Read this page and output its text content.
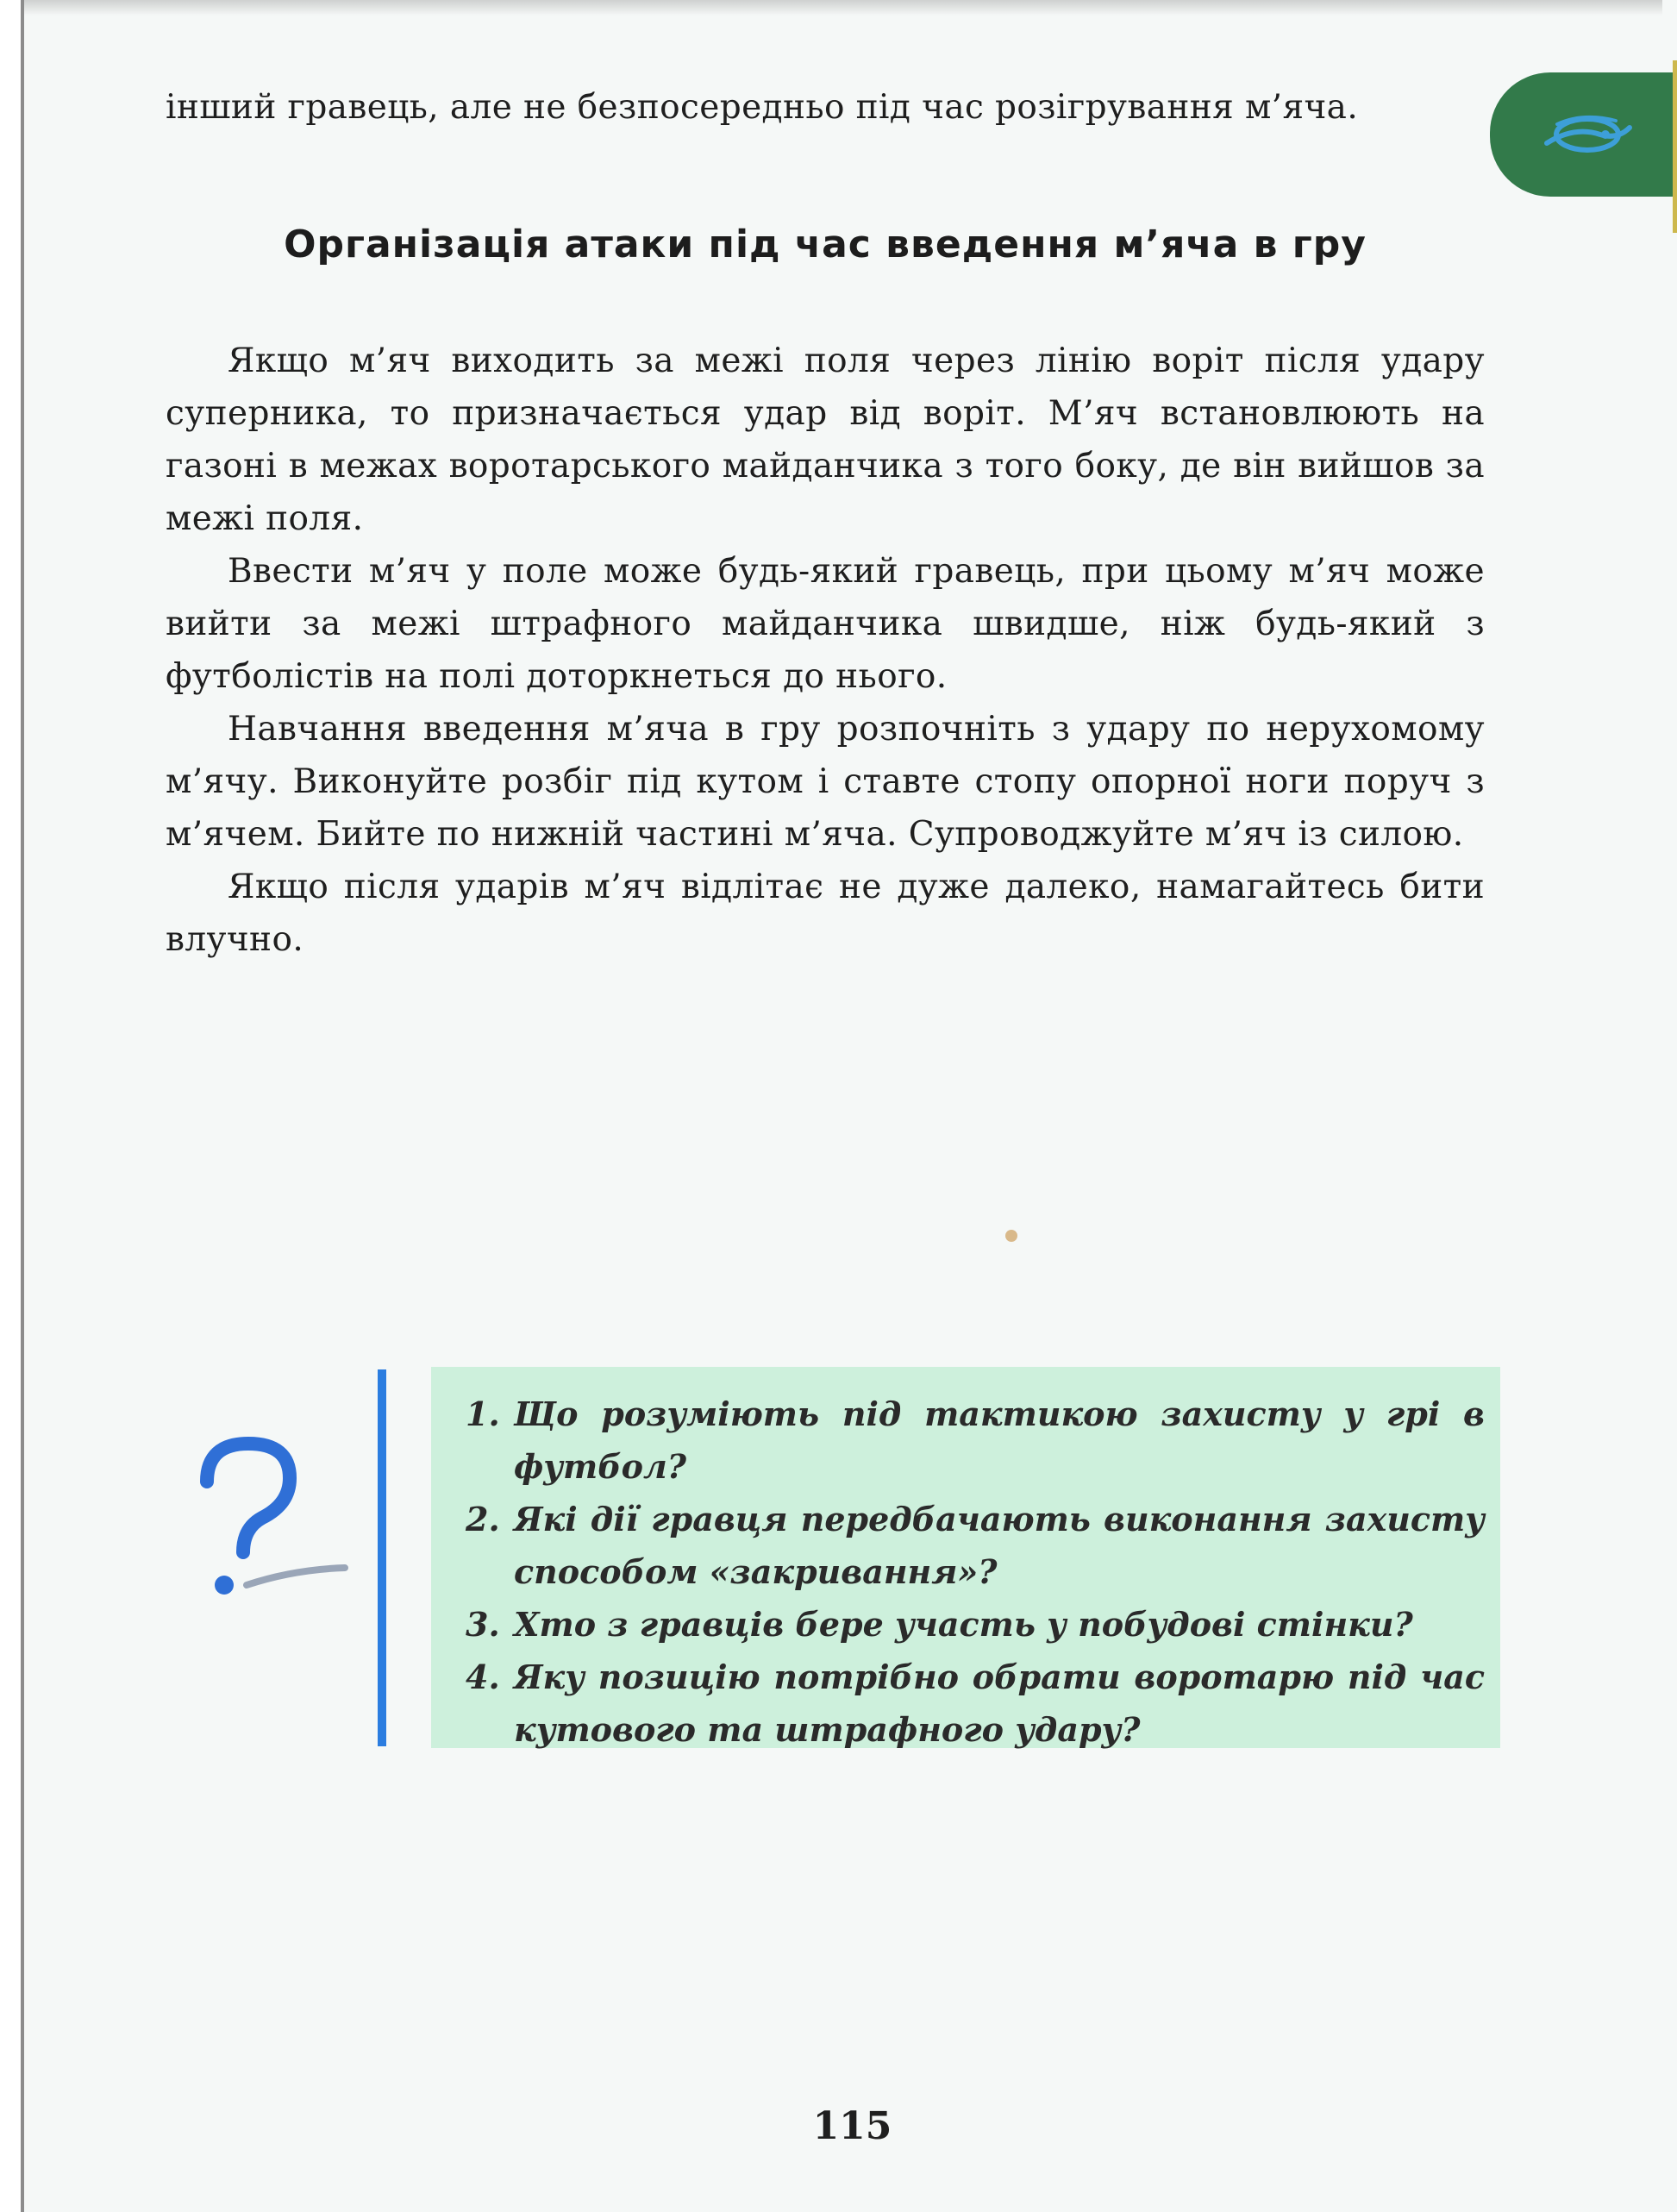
інший гравець, але не безпосередньо під час розігрування м’яча.

Організація атаки під час введення м’яча в гру

Якщо м’яч виходить за межі поля через лінію воріт після удару суперника, то призначається удар від воріт. М’яч встановлюють на газоні в межах воротарського майданчика з того боку, де він вийшов за межі поля.

Ввести м’яч у поле може будь-який гравець, при цьому м’яч може вийти за межі штрафного майданчика швидше, ніж будь-який з футболістів на полі доторкнеться до нього.

Навчання введення м’яча в гру розпочніть з удару по нерухомому м’ячу. Виконуйте розбіг під кутом і ставте стопу опорної ноги поруч з м’ячем. Бийте по нижній частині м’яча. Супроводжуйте м’яч із силою.

Якщо після ударів м’яч відлітає не дуже далеко, намагайтесь бити влучно.

1. Що розуміють під тактикою захисту у грі в футбол?
2. Які дії гравця передбачають виконання захисту способом «закривання»?
3. Хто з гравців бере участь у побудові стінки?
4. Яку позицію потрібно обрати воротарю під час кутового та штрафного удару?
115
